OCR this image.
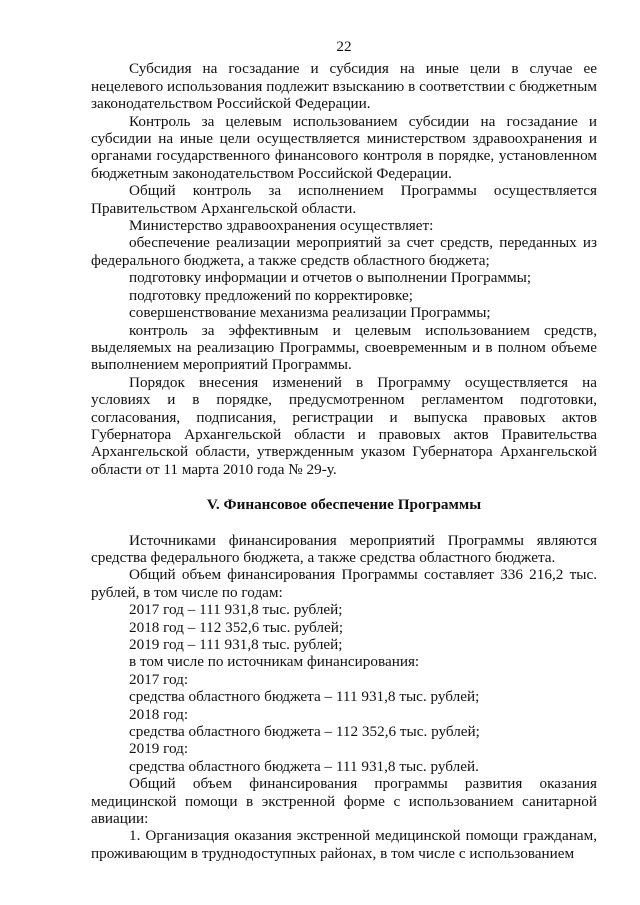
22

Субсидия на госзадание и субсидия на иные цели в случае ее нецелевого использования подлежит взысканию в соответствии с бюджетным законодательством Российской Федерации.

Контроль за целевым использованием субсидии на госзадание и субсидии на иные цели осуществляется министерством здравоохранения и органами государственного финансового контроля в порядке, установленном бюджетным законодательством Российской Федерации.

Общий контроль за исполнением Программы осуществляется Правительством Архангельской области.

Министерство здравоохранения осуществляет:

обеспечение реализации мероприятий за счет средств, переданных из федерального бюджета, а также средств областного бюджета;

подготовку информации и отчетов о выполнении Программы;

подготовку предложений по корректировке;

совершенствование механизма реализации Программы;

контроль за эффективным и целевым использованием средств, выделяемых на реализацию Программы, своевременным и в полном объеме выполнением мероприятий Программы.

Порядок внесения изменений в Программу осуществляется на условиях и в порядке, предусмотренном регламентом подготовки, согласования, подписания, регистрации и выпуска правовых актов Губернатора Архангельской области и правовых актов Правительства Архангельской области, утвержденным указом Губернатора Архангельской области от 11 марта 2010 года № 29-у.

V. Финансовое обеспечение Программы

Источниками финансирования мероприятий Программы являются средства федерального бюджета, а также средства областного бюджета.

Общий объем финансирования Программы составляет 336 216,2 тыс. рублей, в том числе по годам:

2017 год – 111 931,8 тыс. рублей;

2018 год – 112 352,6 тыс. рублей;

2019 год – 111 931,8 тыс. рублей;

в том числе по источникам финансирования:

2017 год:

средства областного бюджета – 111 931,8 тыс. рублей;

2018 год:

средства областного бюджета – 112 352,6 тыс. рублей;

2019 год:

средства областного бюджета – 111 931,8 тыс. рублей.

Общий объем финансирования программы развития оказания медицинской помощи в экстренной форме с использованием санитарной авиации:

1. Организация оказания экстренной медицинской помощи гражданам, проживающим в труднодоступных районах, в том числе с использованием
